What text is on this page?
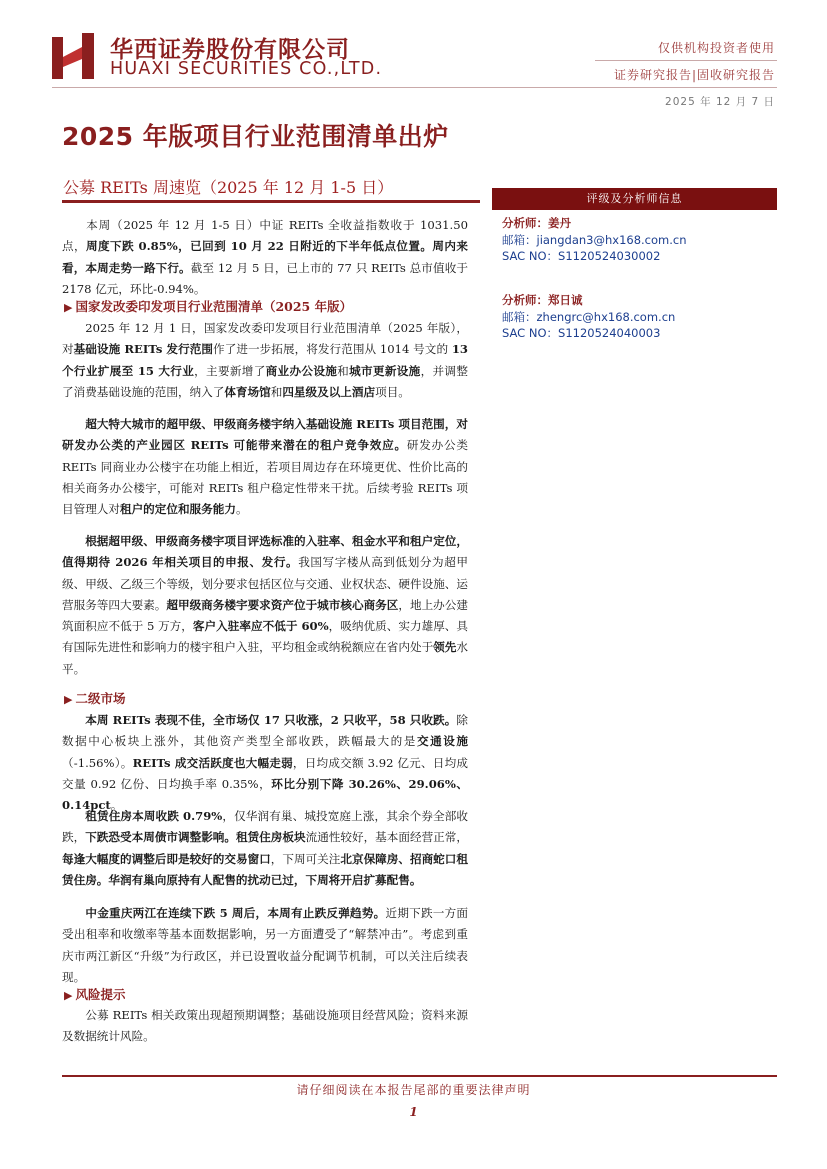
华西证券股份有限公司
HUAXI SECURITIES CO.,LTD.
仅供机构投资者使用
证券研究报告|固收研究报告
2025 年 12 月 7 日
2025 年版项目行业范围清单出炉
公募 REITs 周速览（2025 年 12 月 1-5 日）
评级及分析师信息
分析师：姜丹
邮箱：jiangdan3@hx168.com.cn
SAC NO：S1120524030002
分析师：郑日诚
邮箱：zhengrc@hx168.com.cn
SAC NO：S1120524040003
本周（2025 年 12 月 1-5 日）中证 REITs 全收益指数收于 1031.50 点，周度下跌 0.85%，已回到 10 月 22 日附近的下半年低点位置。周内来看，本周走势一路下行。截至 12 月 5 日，已上市的 77 只 REITs 总市值收于 2178 亿元，环比-0.94%。
▶ 国家发改委印发项目行业范围清单（2025 年版）
2025 年 12 月 1 日，国家发改委印发项目行业范围清单（2025 年版），对基础设施 REITs 发行范围作了进一步拓展，将发行范围从 1014 号文的 13 个行业扩展至 15 大行业，主要新增了商业办公设施和城市更新设施，并调整了消费基础设施的范围，纳入了体育场馆和四星级及以上酒店项目。
超大特大城市的超甲级、甲级商务楼宇纳入基础设施 REITs 项目范围，对研发办公类的产业园区 REITs 可能带来潜在的租户竞争效应。研发办公类 REITs 同商业办公楼宇在功能上相近，若项目周边存在环境更优、性价比高的相关商务办公楼宇，可能对 REITs 租户稳定性带来干扰。后续考验 REITs 项目管理人对租户的定位和服务能力。
根据超甲级、甲级商务楼宇项目评选标准的入驻率、租金水平和租户定位，值得期待 2026 年相关项目的申报、发行。我国写字楼从高到低划分为超甲级、甲级、乙级三个等级，划分要求包括区位与交通、业权状态、硬件设施、运营服务等四大要素。超甲级商务楼宇要求资产位于城市核心商务区，地上办公建筑面积应不低于 5 万方，客户入驻率应不低于 60%，吸纳优质、实力雄厚、具有国际先进性和影响力的楼宇租户入驻，平均租金或纳税额应在省内处于领先水平。
▶ 二级市场
本周 REITs 表现不佳，全市场仅 17 只收涨，2 只收平，58 只收跌。除数据中心板块上涨外，其他资产类型全部收跌，跌幅最大的是交通设施（-1.56%）。REITs 成交活跃度也大幅走弱，日均成交额 3.92 亿元、日均成交量 0.92 亿份、日均换手率 0.35%，环比分别下降 30.26%、29.06%、0.14pct。
租赁住房本周收跌 0.79%，仅华润有巢、城投宽庭上涨，其余个券全部收跌，下跌恐受本周债市调整影响。租赁住房板块流通性较好，基本面经营正常，每逢大幅度的调整后即是较好的交易窗口，下周可关注北京保障房、招商蛇口租赁住房。华润有巢向原持有人配售的扰动已过，下周将开启扩募配售。
中金重庆两江在连续下跌 5 周后，本周有止跌反弹趋势。近期下跌一方面受出租率和收缴率等基本面数据影响，另一方面遭受了“解禁冲击”。考虑到重庆市两江新区“升级”为行政区，并已设置收益分配调节机制，可以关注后续表现。
▶ 风险提示
公募 REITs 相关政策出现超预期调整；基础设施项目经营风险；资料来源及数据统计风险。
请仔细阅读在本报告尾部的重要法律声明
1
